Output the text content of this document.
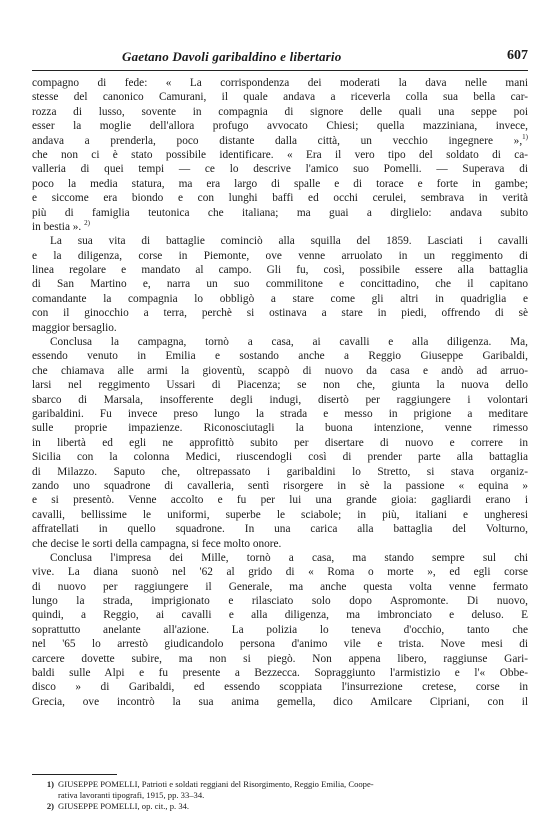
Gaetano Davoli garibaldino e libertario	607
compagno di fede: « La corrispondenza dei moderati la dava nelle mani
stesse del canonico Camurani, il quale andava a riceverla colla sua bella car-
rozza di lusso, sovente in compagnia di signore delle quali una seppe poi
esser la moglie dell'allora profugo avvocato Chiesi; quella mazziniana, invece,
andava a prenderla, poco distante dalla città, un vecchio ingegnere »,$^{1)}$
che non ci è stato possibile identificare. « Era il vero tipo del soldato di ca-
valleria di quei tempi — ce lo descrive l'amico suo Pomelli. — Superava di
poco la media statura, ma era largo di spalle e di torace e forte in gambe;
e siccome era biondo e con lunghi baffi ed occhi cerulei, sembrava in verità
più di famiglia teutonica che italiana; ma guai a dirglielo: andava subito
in bestia ». $^{2)}$
La sua vita di battaglie cominciò alla squilla del 1859. Lasciati i cavalli
e la diligenza, corse in Piemonte, ove venne arruolato in un reggimento di
linea regolare e mandato al campo. Gli fu, così, possibile essere alla battaglia
di San Martino e, narra un suo commilitone e concittadino, che il capitano
comandante la compagnia lo obbligò a stare come gli altri in quadriglia e
con il ginocchio a terra, perchè si ostinava a stare in piedi, offrendo di sè
maggior bersaglio.
Conclusa la campagna, tornò a casa, ai cavalli e alla diligenza. Ma,
essendo venuto in Emilia e sostando anche a Reggio Giuseppe Garibaldi,
che chiamava alle armi la gioventù, scappò di nuovo da casa e andò ad arruo-
larsi nel reggimento Ussari di Piacenza; se non che, giunta la nuova dello
sbarco di Marsala, insofferente degli indugi, disertò per raggiungere i volontari
garibaldini. Fu invece preso lungo la strada e messo in prigione a meditare
sulle proprie impazienze. Riconosciutagli la buona intenzione, venne rimesso
in libertà ed egli ne approfittò subito per disertare di nuovo e correre in
Sicilia con la colonna Medici, riuscendogli così di prender parte alla battaglia
di Milazzo. Saputo che, oltrepassato i garibaldini lo Stretto, si stava organiz-
zando uno squadrone di cavalleria, sentì risorgere in sè la passione « equina »
e si presentò. Venne accolto e fu per lui una grande gioia: gagliardi erano i
cavalli, bellissime le uniformi, superbe le sciabole; in più, italiani e ungheresi
affratellati in quello squadrone. In una carica alla battaglia del Volturno,
che decise le sorti della campagna, si fece molto onore.
Conclusa l'impresa dei Mille, tornò a casa, ma stando sempre sul chi
vive. La diana suonò nel '62 al grido di « Roma o morte », ed egli corse
di nuovo per raggiungere il Generale, ma anche questa volta venne fermato
lungo la strada, imprigionato e rilasciato solo dopo Aspromonte. Di nuovo,
quindi, a Reggio, ai cavalli e alla diligenza, ma imbronciato e deluso. E
soprattutto anelante all'azione. La polizia lo teneva d'occhio, tanto che
nel '65 lo arrestò giudicandolo persona d'animo vile e trista. Nove mesi di
carcere dovette subire, ma non si piegò. Non appena libero, raggiunse Gari-
baldi sulle Alpi e fu presente a Bezzecca. Sopraggiunto l'armistizio e l'« Obbe-
disco » di Garibaldi, ed essendo scoppiata l'insurrezione cretese, corse in
Grecia, ove incontrò la sua anima gemella, dico Amilcare Cipriani, con il
1) GIUSEPPE POMELLI, Patrioti e soldati reggiani del Risorgimento, Reggio Emilia, Coope-
rativa lavoranti tipografi, 1915, pp. 33–34.
2) GIUSEPPE POMELLI, op. cit., p. 34.
